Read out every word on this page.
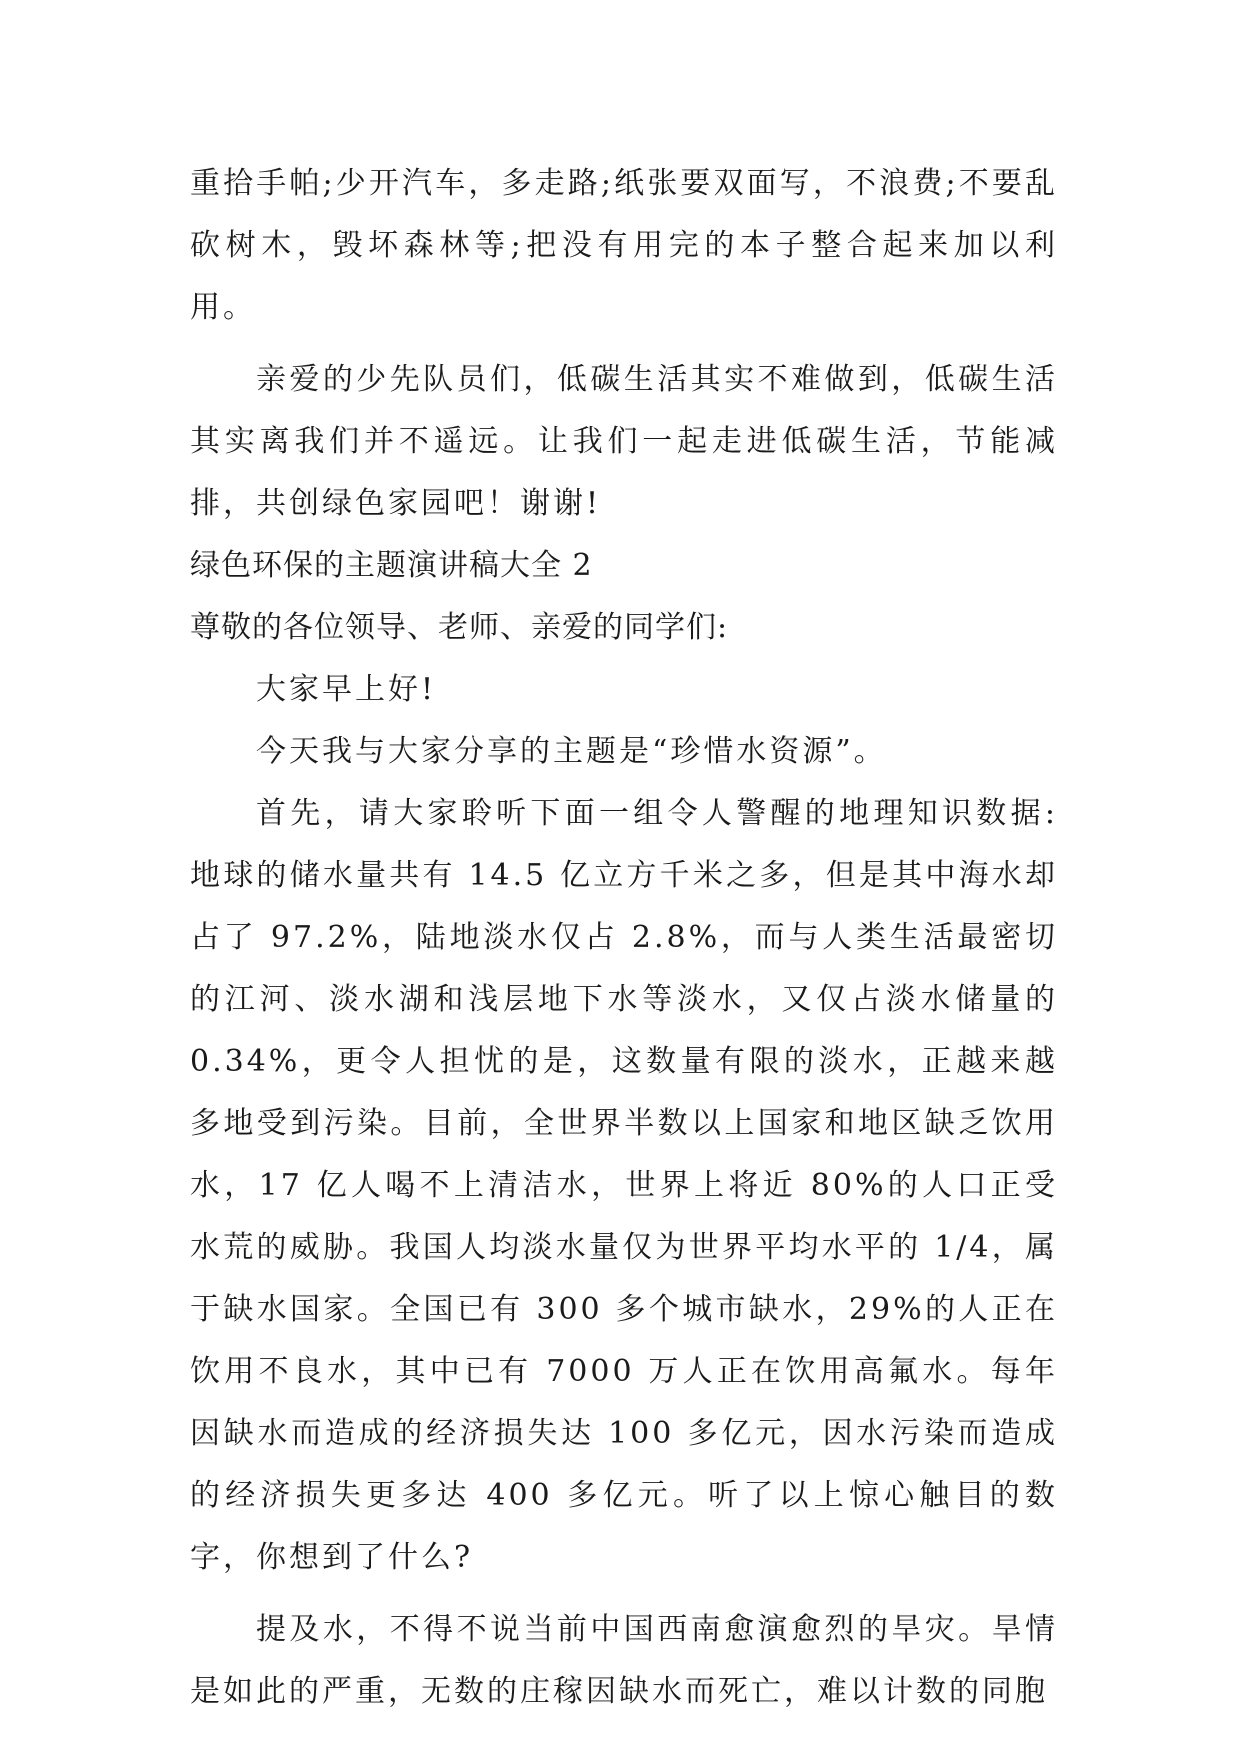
重拾手帕;少开汽车，多走路;纸张要双面写，不浪费;不要乱砍树木，毁坏森林等;把没有用完的本子整合起来加以利用。

亲爱的少先队员们，低碳生活其实不难做到，低碳生活其实离我们并不遥远。让我们一起走进低碳生活，节能减排，共创绿色家园吧！谢谢!

绿色环保的主题演讲稿大全 2

尊敬的各位领导、老师、亲爱的同学们:

大家早上好!

今天我与大家分享的主题是“珍惜水资源”。

首先，请大家聆听下面一组令人警醒的地理知识数据:地球的储水量共有 14.5 亿立方千米之多，但是其中海水却占了 97.2%，陆地淡水仅占 2.8%，而与人类生活最密切的江河、淡水湖和浅层地下水等淡水，又仅占淡水储量的 0.34%，更令人担忧的是，这数量有限的淡水，正越来越多地受到污染。目前，全世界半数以上国家和地区缺乏饮用水，17 亿人喝不上清洁水，世界上将近 80%的人口正受水荒的威胁。我国人均淡水量仅为世界平均水平的 1/4，属于缺水国家。全国已有 300 多个城市缺水，29%的人正在饮用不良水，其中已有 7000 万人正在饮用高氟水。每年因缺水而造成的经济损失达 100 多亿元，因水污染而造成的经济损失更多达 400 多亿元。听了以上惊心触目的数字，你想到了什么?

提及水，不得不说当前中国西南愈演愈烈的旱灾。旱情是如此的严重，无数的庄稼因缺水而死亡，难以计数的同胞
